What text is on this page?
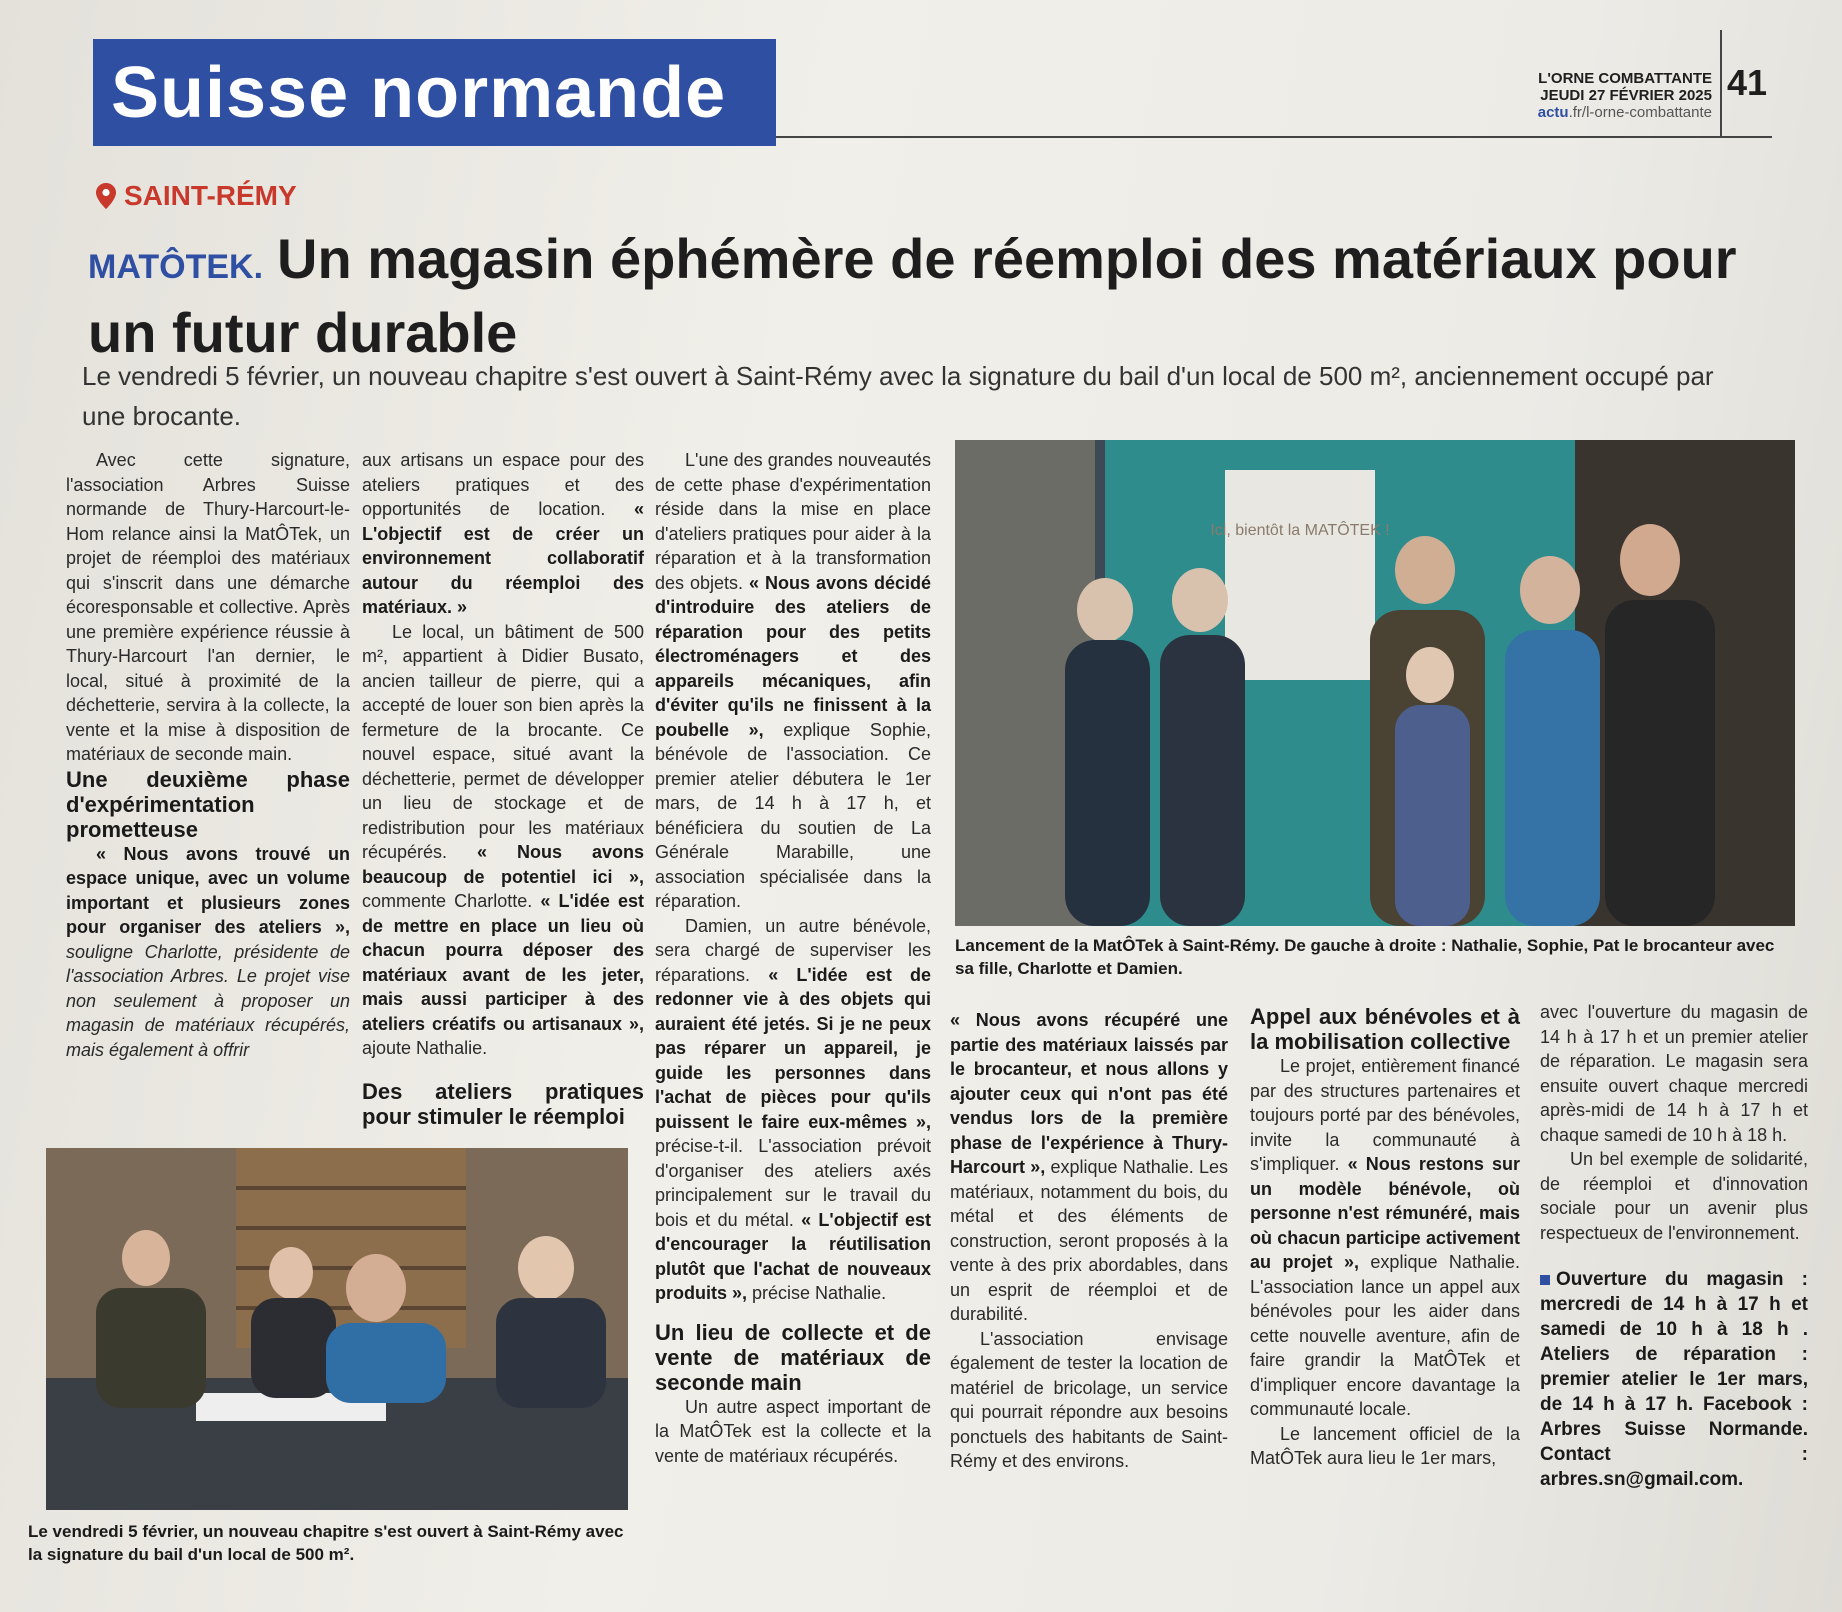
Suisse normande	L'ORNE COMBATTANTE
JEUDI 27 FÉVRIER 2025
actu.fr/l-orne-combattante
41
SAINT-RÉMY
MATÔTEK. Un magasin éphémère de réemploi des matériaux pour un futur durable
Le vendredi 5 février, un nouveau chapitre s'est ouvert à Saint-Rémy avec la signature du bail d'un local de 500 m², anciennement occupé par une brocante.

Avec cette signature, l'association Arbres Suisse normande de Thury-Harcourt-le-Hom relance ainsi la MatÔTek, un projet de réemploi des matériaux qui s'inscrit dans une démarche écoresponsable et collective. Après une première expérience réussie à Thury-Harcourt l'an dernier, le local, situé à proximité de la déchetterie, servira à la collecte, la vente et la mise à disposition de matériaux de seconde main.

Une deuxième phase d'expérimentation prometteuse

« Nous avons trouvé un espace unique, avec un volume important et plusieurs zones pour organiser des ateliers », souligne Charlotte, présidente de l'association Arbres. Le projet vise non seulement à proposer un magasin de matériaux récupérés, mais également à offrir

aux artisans un espace pour des ateliers pratiques et des opportunités de location. « L'objectif est de créer un environnement collaboratif autour du réemploi des matériaux. »

Le local, un bâtiment de 500 m², appartient à Didier Busato, ancien tailleur de pierre, qui a accepté de louer son bien après la fermeture de la brocante. Ce nouvel espace, situé avant la déchetterie, permet de développer un lieu de stockage et de redistribution pour les matériaux récupérés. « Nous avons beaucoup de potentiel ici », commente Charlotte. « L'idée est de mettre en place un lieu où chacun pourra déposer des matériaux avant de les jeter, mais aussi participer à des ateliers créatifs ou artisanaux », ajoute Nathalie.

Des ateliers pratiques pour stimuler le réemploi

L'une des grandes nouveautés de cette phase d'expérimentation réside dans la mise en place d'ateliers pratiques pour aider à la réparation et à la transformation des objets. « Nous avons décidé d'introduire des ateliers de réparation pour des petits électroménagers et des appareils mécaniques, afin d'éviter qu'ils ne finissent à la poubelle », explique Sophie, bénévole de l'association. Ce premier atelier débutera le 1er mars, de 14 h à 17 h, et bénéficiera du soutien de La Générale Marabille, une association spécialisée dans la réparation.

Damien, un autre bénévole, sera chargé de superviser les réparations. « L'idée est de redonner vie à des objets qui auraient été jetés. Si je ne peux pas réparer un appareil, je guide les personnes dans l'achat de pièces pour qu'ils puissent le faire eux-mêmes », précise-t-il. L'association prévoit d'organiser des ateliers axés principalement sur le travail du bois et du métal. « L'objectif est d'encourager la réutilisation plutôt que l'achat de nouveaux produits », précise Nathalie.

Un lieu de collecte et de vente de matériaux de seconde main

Un autre aspect important de la MatÔTek est la collecte et la vente de matériaux récupérés.

Ici, bientôt la MATÔTEK !
Lancement de la MatÔTek à Saint-Rémy. De gauche à droite : Nathalie, Sophie, Pat le brocanteur avec sa fille, Charlotte et Damien.

« Nous avons récupéré une partie des matériaux laissés par le brocanteur, et nous allons y ajouter ceux qui n'ont pas été vendus lors de la première phase de l'expérience à Thury-Harcourt », explique Nathalie. Les matériaux, notamment du bois, du métal et des éléments de construction, seront proposés à la vente à des prix abordables, dans un esprit de réemploi et de durabilité.

L'association envisage également de tester la location de matériel de bricolage, un service qui pourrait répondre aux besoins ponctuels des habitants de Saint-Rémy et des environs.

Appel aux bénévoles et à la mobilisation collective

Le projet, entièrement financé par des structures partenaires et toujours porté par des bénévoles, invite la communauté à s'impliquer. « Nous restons sur un modèle bénévole, où personne n'est rémunéré, mais où chacun participe activement au projet », explique Nathalie. L'association lance un appel aux bénévoles pour les aider dans cette nouvelle aventure, afin de faire grandir la MatÔTek et d'impliquer encore davantage la communauté locale.

Le lancement officiel de la MatÔTek aura lieu le 1er mars,

avec l'ouverture du magasin de 14 h à 17 h et un premier atelier de réparation. Le magasin sera ensuite ouvert chaque mercredi après-midi de 14 h à 17 h et chaque samedi de 10 h à 18 h.

Un bel exemple de solidarité, de réemploi et d'innovation sociale pour un avenir plus respectueux de l'environnement.

Ouverture du magasin : mercredi de 14 h à 17 h et samedi de 10 h à 18 h . Ateliers de réparation : premier atelier le 1er mars, de 14 h à 17 h. Facebook : Arbres Suisse Normande. Contact : arbres.sn@gmail.com.
Le vendredi 5 février, un nouveau chapitre s'est ouvert à Saint-Rémy avec la signature du bail d'un local de 500 m².
